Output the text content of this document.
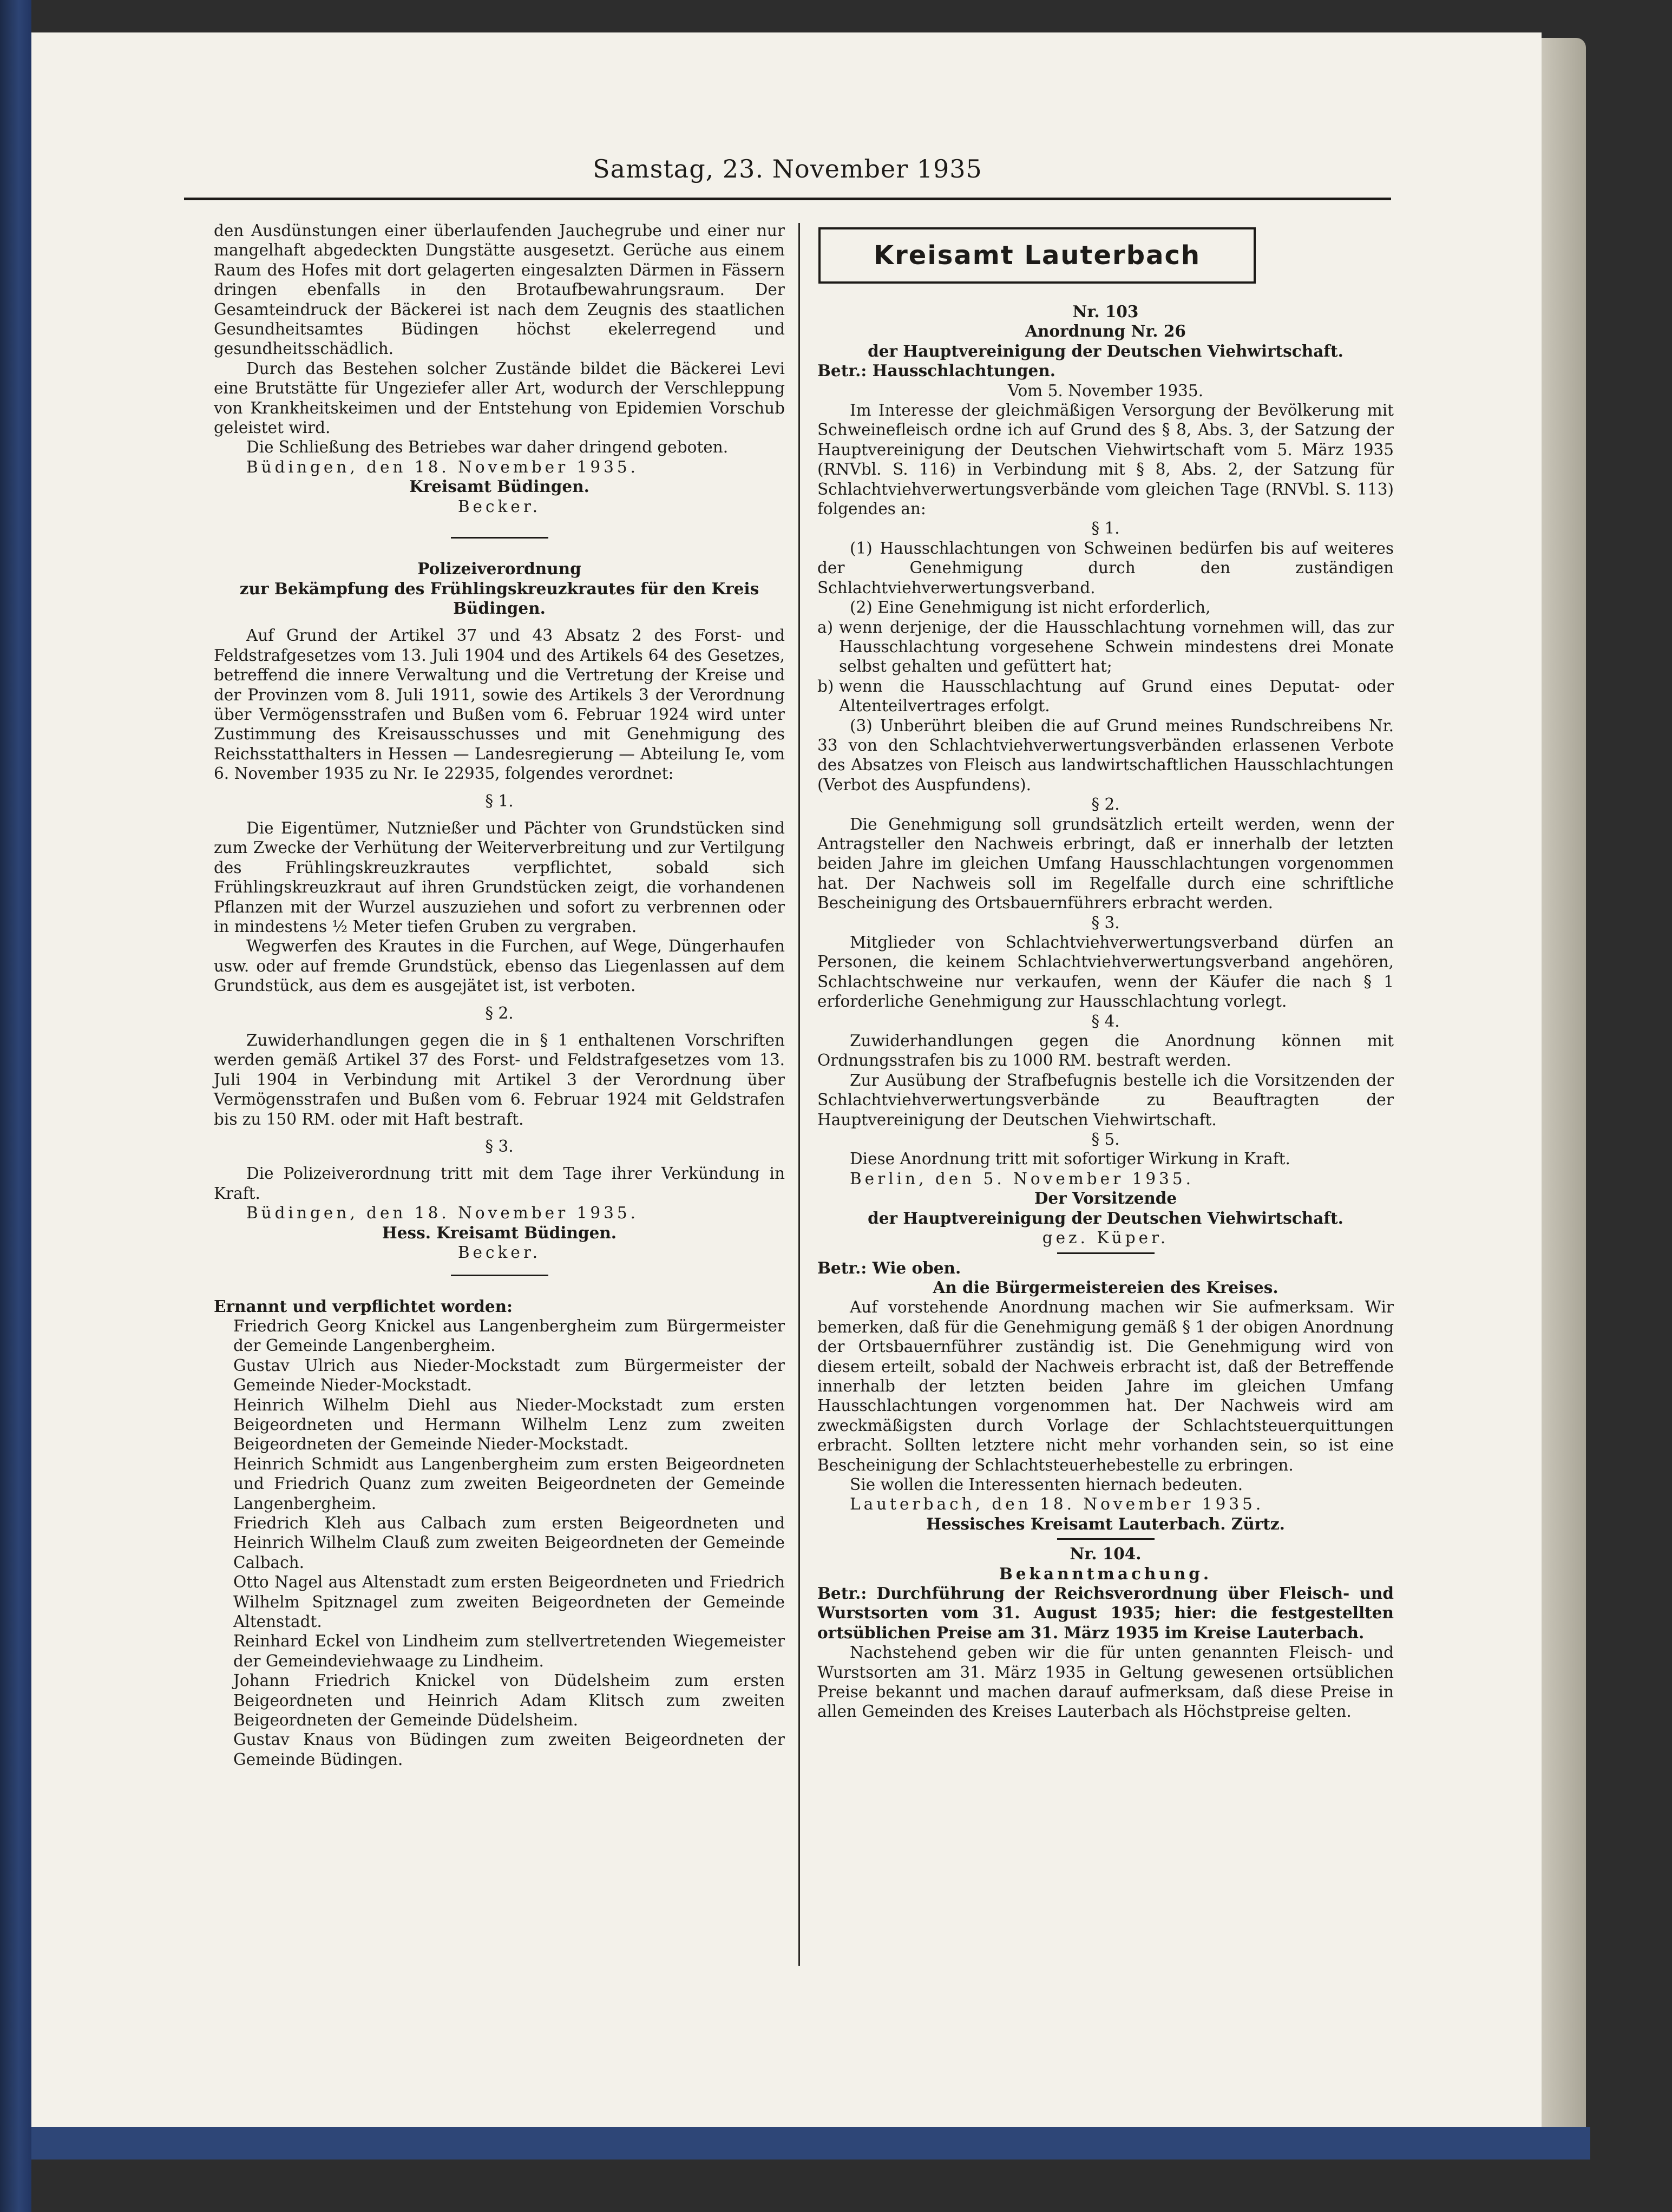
Samstag, 23. November 1935

den Ausdünstungen einer überlaufenden Jauchegrube und einer nur mangelhaft abgedeckten Dungstätte ausgesetzt. Gerüche aus einem Raum des Hofes mit dort gelagerten eingesalzten Därmen in Fässern dringen ebenfalls in den Brotaufbewahrungsraum. Der Gesamteindruck der Bäckerei ist nach dem Zeugnis des staatlichen Gesundheitsamtes Büdingen höchst ekelerregend und gesundheitsschädlich.

Durch das Bestehen solcher Zustände bildet die Bäckerei Levi eine Brutstätte für Ungeziefer aller Art, wodurch der Verschleppung von Krankheitskeimen und der Entstehung von Epidemien Vorschub geleistet wird.

Die Schließung des Betriebes war daher dringend geboten.

Büdingen, den 18. November 1935.

Kreisamt Büdingen.

Becker.

Polizeiverordnung

zur Bekämpfung des Frühlingskreuzkrautes für den Kreis Büdingen.

Auf Grund der Artikel 37 und 43 Absatz 2 des Forst- und Feldstrafgesetzes vom 13. Juli 1904 und des Artikels 64 des Gesetzes, betreffend die innere Verwaltung und die Vertretung der Kreise und der Provinzen vom 8. Juli 1911, sowie des Artikels 3 der Verordnung über Vermögensstrafen und Bußen vom 6. Februar 1924 wird unter Zustimmung des Kreisausschusses und mit Genehmigung des Reichsstatthalters in Hessen — Landesregierung — Abteilung Ie, vom 6. November 1935 zu Nr. Ie 22935, folgendes verordnet:

§ 1.

Die Eigentümer, Nutznießer und Pächter von Grundstücken sind zum Zwecke der Verhütung der Weiterverbreitung und zur Vertilgung des Frühlingskreuzkrautes verpflichtet, sobald sich Frühlingskreuzkraut auf ihren Grundstücken zeigt, die vorhandenen Pflanzen mit der Wurzel auszuziehen und sofort zu verbrennen oder in mindestens ½ Meter tiefen Gruben zu vergraben.

Wegwerfen des Krautes in die Furchen, auf Wege, Düngerhaufen usw. oder auf fremde Grundstück, ebenso das Liegenlassen auf dem Grundstück, aus dem es ausgejätet ist, ist verboten.

§ 2.

Zuwiderhandlungen gegen die in § 1 enthaltenen Vorschriften werden gemäß Artikel 37 des Forst- und Feldstrafgesetzes vom 13. Juli 1904 in Verbindung mit Artikel 3 der Verordnung über Vermögensstrafen und Bußen vom 6. Februar 1924 mit Geldstrafen bis zu 150 RM. oder mit Haft bestraft.

§ 3.

Die Polizeiverordnung tritt mit dem Tage ihrer Verkündung in Kraft.

Büdingen, den 18. November 1935.

Hess. Kreisamt Büdingen.

Becker.

Ernannt und verpflichtet worden:

Friedrich Georg Knickel aus Langenbergheim zum Bürgermeister der Gemeinde Langenbergheim.

Gustav Ulrich aus Nieder-Mockstadt zum Bürgermeister der Gemeinde Nieder-Mockstadt.

Heinrich Wilhelm Diehl aus Nieder-Mockstadt zum ersten Beigeordneten und Hermann Wilhelm Lenz zum zweiten Beigeordneten der Gemeinde Nieder-Mockstadt.

Heinrich Schmidt aus Langenbergheim zum ersten Beigeordneten und Friedrich Quanz zum zweiten Beigeordneten der Gemeinde Langenbergheim.

Friedrich Kleh aus Calbach zum ersten Beigeordneten und Heinrich Wilhelm Clauß zum zweiten Beigeordneten der Gemeinde Calbach.

Otto Nagel aus Altenstadt zum ersten Beigeordneten und Friedrich Wilhelm Spitznagel zum zweiten Beigeordneten der Gemeinde Altenstadt.

Reinhard Eckel von Lindheim zum stellvertretenden Wiegemeister der Gemeindeviehwaage zu Lindheim.

Johann Friedrich Knickel von Düdelsheim zum ersten Beigeordneten und Heinrich Adam Klitsch zum zweiten Beigeordneten der Gemeinde Düdelsheim.

Gustav Knaus von Büdingen zum zweiten Beigeordneten der Gemeinde Büdingen.

Kreisamt Lauterbach

Nr. 103

Anordnung Nr. 26

der Hauptvereinigung der Deutschen Viehwirtschaft.

Betr.: Hausschlachtungen.

Vom 5. November 1935.

Im Interesse der gleichmäßigen Versorgung der Bevölkerung mit Schweinefleisch ordne ich auf Grund des § 8, Abs. 3, der Satzung der Hauptvereinigung der Deutschen Viehwirtschaft vom 5. März 1935 (RNVbl. S. 116) in Verbindung mit § 8, Abs. 2, der Satzung für Schlachtviehverwertungsverbände vom gleichen Tage (RNVbl. S. 113) folgendes an:

§ 1.

(1) Hausschlachtungen von Schweinen bedürfen bis auf weiteres der Genehmigung durch den zuständigen Schlachtviehverwertungsverband.

(2) Eine Genehmigung ist nicht erforderlich,

a) wenn derjenige, der die Hausschlachtung vornehmen will, das zur Hausschlachtung vorgesehene Schwein mindestens drei Monate selbst gehalten und gefüttert hat;
b) wenn die Hausschlachtung auf Grund eines Deputat- oder Altenteilvertrages erfolgt.

(3) Unberührt bleiben die auf Grund meines Rundschreibens Nr. 33 von den Schlachtviehverwertungsverbänden erlassenen Verbote des Absatzes von Fleisch aus landwirtschaftlichen Hausschlachtungen (Verbot des Auspfundens).

§ 2.

Die Genehmigung soll grundsätzlich erteilt werden, wenn der Antragsteller den Nachweis erbringt, daß er innerhalb der letzten beiden Jahre im gleichen Umfang Hausschlachtungen vorgenommen hat. Der Nachweis soll im Regelfalle durch eine schriftliche Bescheinigung des Ortsbauernführers erbracht werden.

§ 3.

Mitglieder von Schlachtviehverwertungsverband dürfen an Personen, die keinem Schlachtviehverwertungsverband angehören, Schlachtschweine nur verkaufen, wenn der Käufer die nach § 1 erforderliche Genehmigung zur Hausschlachtung vorlegt.

§ 4.

Zuwiderhandlungen gegen die Anordnung können mit Ordnungsstrafen bis zu 1000 RM. bestraft werden.

Zur Ausübung der Strafbefugnis bestelle ich die Vorsitzenden der Schlachtviehverwertungsverbände zu Beauftragten der Hauptvereinigung der Deutschen Viehwirtschaft.

§ 5.

Diese Anordnung tritt mit sofortiger Wirkung in Kraft.

Berlin, den 5. November 1935.

Der Vorsitzende

der Hauptvereinigung der Deutschen Viehwirtschaft.

gez. Küper.

Betr.: Wie oben.

An die Bürgermeistereien des Kreises.

Auf vorstehende Anordnung machen wir Sie aufmerksam. Wir bemerken, daß für die Genehmigung gemäß § 1 der obigen Anordnung der Ortsbauernführer zuständig ist. Die Genehmigung wird von diesem erteilt, sobald der Nachweis erbracht ist, daß der Betreffende innerhalb der letzten beiden Jahre im gleichen Umfang Hausschlachtungen vorgenommen hat. Der Nachweis wird am zweckmäßigsten durch Vorlage der Schlachtsteuerquittungen erbracht. Sollten letztere nicht mehr vorhanden sein, so ist eine Bescheinigung der Schlachtsteuerhebestelle zu erbringen.

Sie wollen die Interessenten hiernach bedeuten.

Lauterbach, den 18. November 1935.

Hessisches Kreisamt Lauterbach. Zürtz.

Nr. 104.

Bekanntmachung.

Betr.: Durchführung der Reichsverordnung über Fleisch- und Wurstsorten vom 31. August 1935; hier: die festgestellten ortsüblichen Preise am 31. März 1935 im Kreise Lauterbach.

Nachstehend geben wir die für unten genannten Fleisch- und Wurstsorten am 31. März 1935 in Geltung gewesenen ortsüblichen Preise bekannt und machen darauf aufmerksam, daß diese Preise in allen Gemeinden des Kreises Lauterbach als Höchstpreise gelten.
